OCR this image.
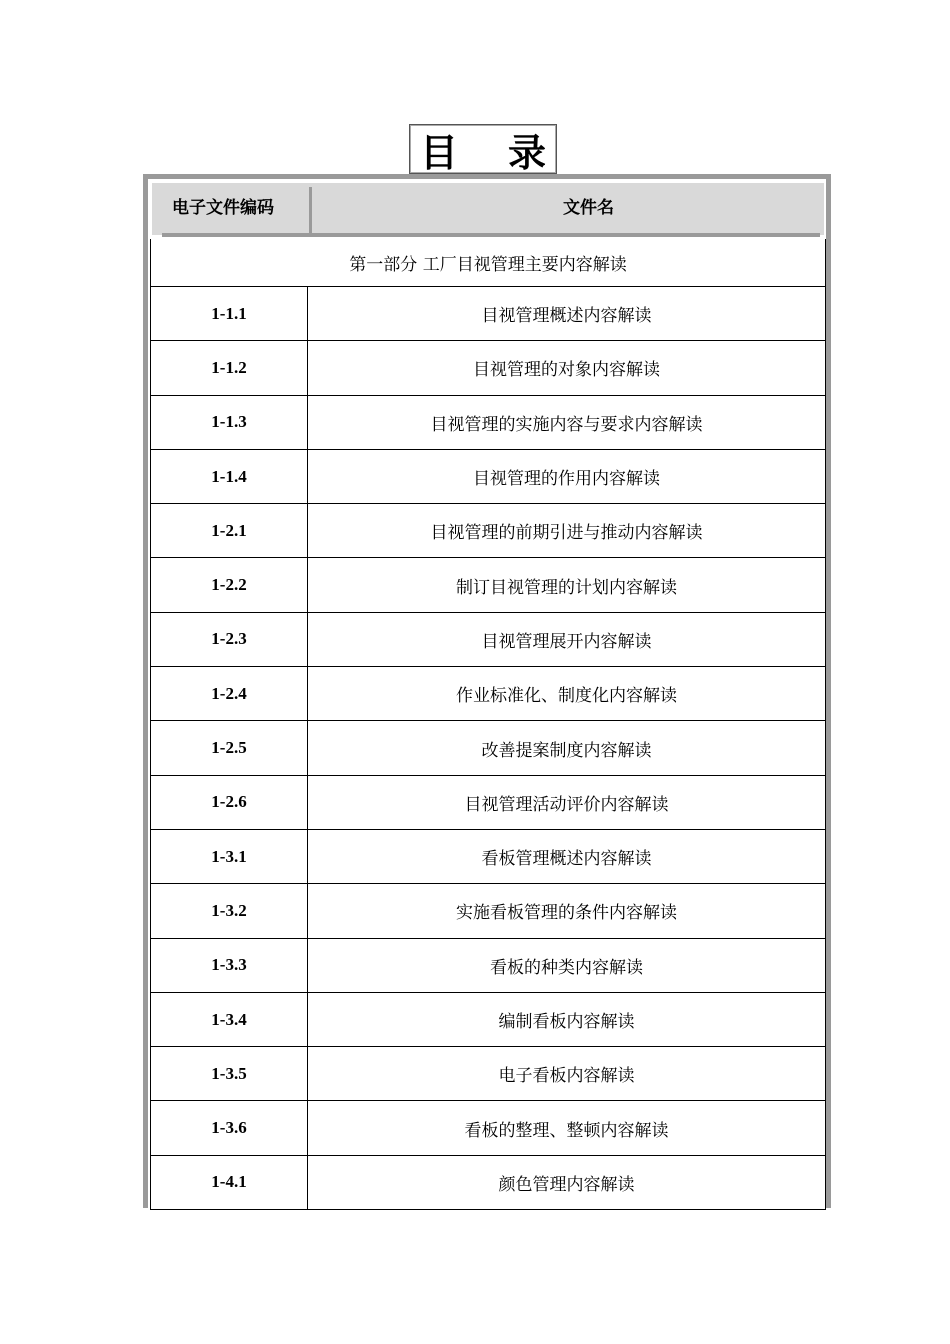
目 录
电子文件编码	文件名
第一部分 工厂目视管理主要内容解读
1-1.1	目视管理概述内容解读
1-1.2	目视管理的对象内容解读
1-1.3	目视管理的实施内容与要求内容解读
1-1.4	目视管理的作用内容解读
1-2.1	目视管理的前期引进与推动内容解读
1-2.2	制订目视管理的计划内容解读
1-2.3	目视管理展开内容解读
1-2.4	作业标准化、制度化内容解读
1-2.5	改善提案制度内容解读
1-2.6	目视管理活动评价内容解读
1-3.1	看板管理概述内容解读
1-3.2	实施看板管理的条件内容解读
1-3.3	看板的种类内容解读
1-3.4	编制看板内容解读
1-3.5	电子看板内容解读
1-3.6	看板的整理、整顿内容解读
1-4.1	颜色管理内容解读
